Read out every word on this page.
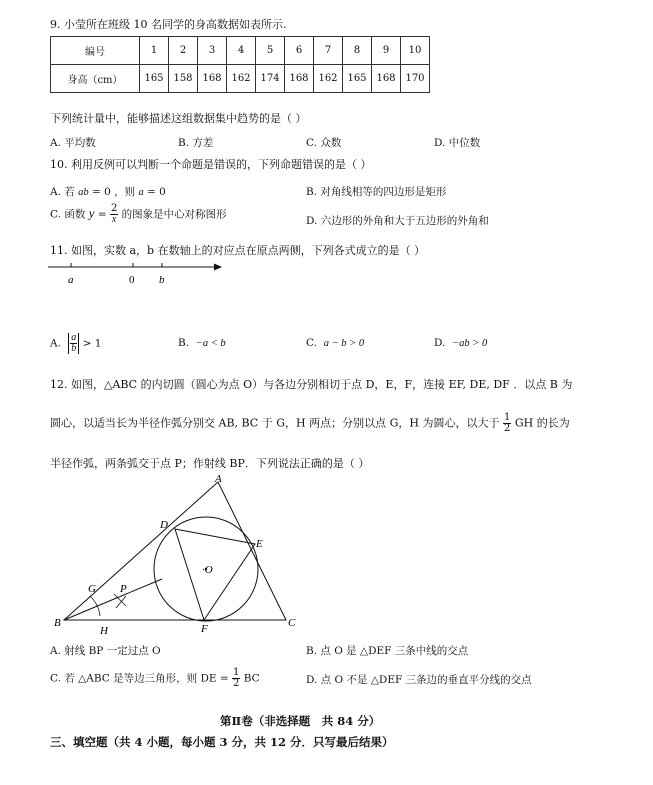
9. 小莹所在班级 10 名同学的身高数据如表所示.
编号	1	2	3	4	5	6	7	8	9	10
身高（cm）	165	158	168	162	174	168	162	165	168	170
下列统计量中，能够描述这组数据集中趋势的是（ ）
A. 平均数	B. 方差	C. 众数	D. 中位数
10. 利用反例可以判断一个命题是错误的，下列命题错误的是（ ）
A. 若 ab = 0 ，则 a = 0	B. 对角线相等的四边形是矩形
C. 函数 $y = \frac{2}{x}$ 的图象是中心对称图形
D. 六边形的外角和大于五边形的外角和
11. 如图，实数 a，b 在数轴上的对应点在原点两侧，下列各式成立的是（ ）
a	0 b
A. $\frac{a}{b} > 1$	B. −a < b	C. a − b > 0	D. −ab > 0
12. 如图，△ABC 的内切圆（圆心为点 O）与各边分别相切于点 D，E，F，连接 EF, DE, DF ．以点 B 为
圆心，以适当长为半径作弧分别交 AB, BC 于 G，H 两点；分别以点 G，H 为圆心，以大于 $\frac{1}{2}$ GH 的长为
半径作弧，两条弧交于点 P；作射线 BP．下列说法正确的是（ ）
A
B	C
D
E
F
G
H
P
·O
A. 射线 BP 一定过点 O	B. 点 O 是 △DEF 三条中线的交点
C. 若 △ABC 是等边三角形，则 DE = $\frac{1}{2}$ BC	D. 点 O 不是 △DEF 三条边的垂直平分线的交点
第Ⅱ卷（非选择题　共 84 分）
三、填空题（共 4 小题，每小题 3 分，共 12 分．只写最后结果）
